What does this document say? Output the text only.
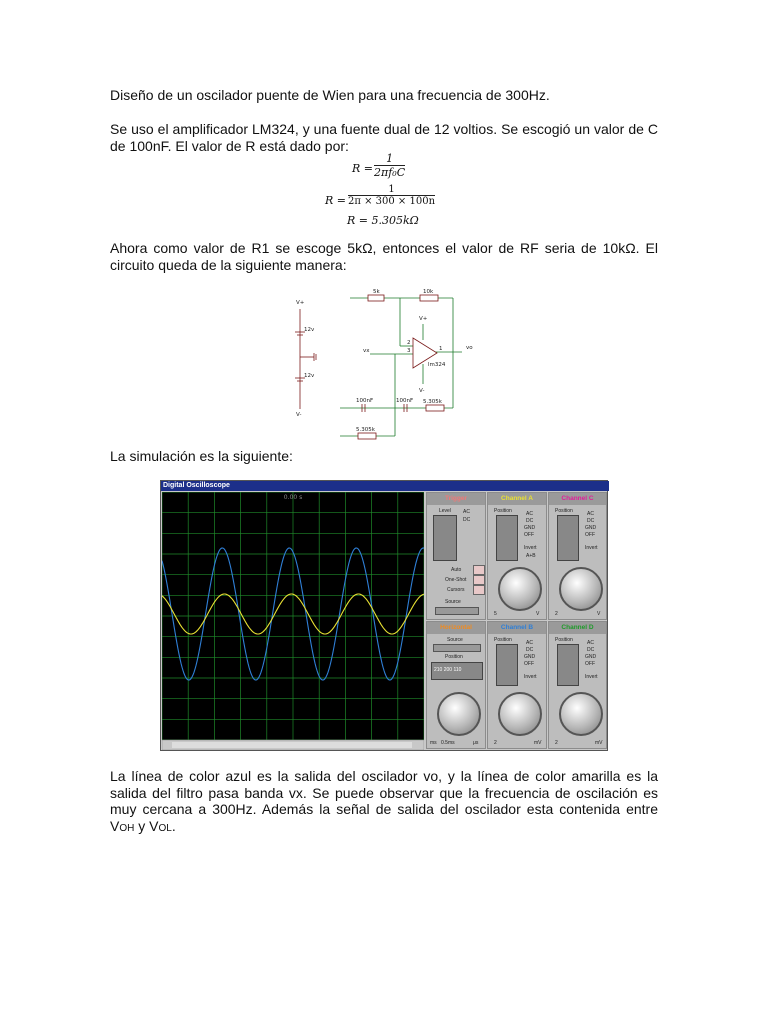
Diseño de un oscilador puente de Wien para una frecuencia de 300Hz.
Se uso el amplificador LM324, y una fuente dual de 12 voltios. Se escogió un valor de C de 100nF. El valor de R está dado por:
$R = \frac{1}{\text{2πf₀C}}$
$R = \frac{1}{2\pi \times 300 \times 100n}$
R = 5.305kΩ
Ahora como valor de R1 se escoge 5kΩ, entonces el valor de RF seria de 10kΩ. El circuito queda de la siguiente manera:
V+
V-
12v
12v
5k	10k
lm324
vx	vo
100nF	100nF 5.305k
5.305k
V+
V-
3
2
1
La simulación es la siguiente:
Digital Oscilloscope
0.00 s	Trigger
Level AC
DC
Auto
One-Shot
Cursors
Source
Channel A
Position	AC
DC
GND
OFF
Invert
A+B
5	V
Channel C
Position	AC
DC
GND
OFF
Invert
2	V
Horizontal
Source
Position
210 200 110
ms 0.5ms	μs
Channel B
Position	AC
DC
GND
OFF
Invert
2	mV
Channel D
Position	AC
DC
GND
OFF
Invert
2	mV
La línea de color azul es la salida del oscilador vo, y la línea de color amarilla es la salida del filtro pasa banda vx. Se puede observar que la frecuencia de oscilación es muy cercana a 300Hz. Además la señal de salida del oscilador esta contenida entre VOH y VOL.
